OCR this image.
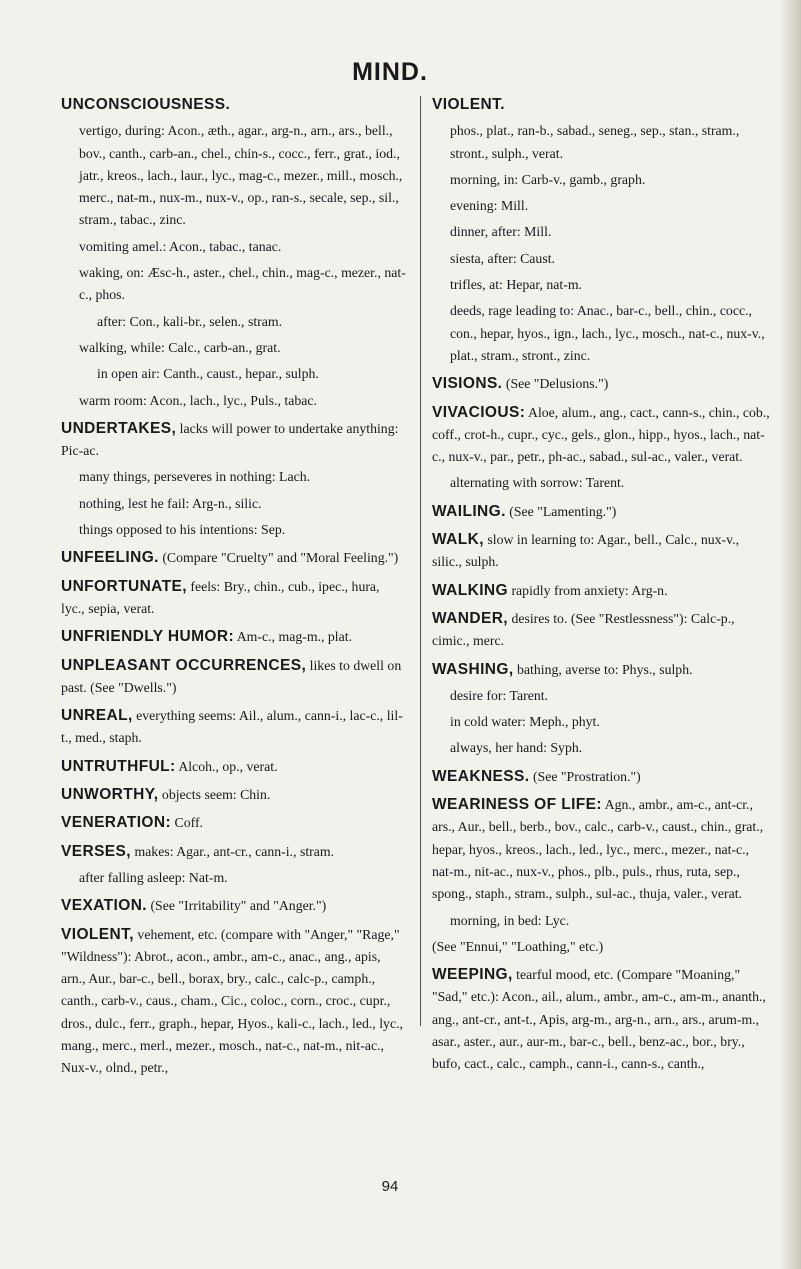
MIND.
UNCONSCIOUSNESS.
vertigo, during: Acon., æth., agar., arg-n., arn., ars., bell., bov., canth., carb-an., chel., chin-s., cocc., ferr., grat., iod., jatr., kreos., lach., laur., lyc., mag-c., mezer., mill., mosch., merc., nat-m., nux-m., nux-v., op., ran-s., secale, sep., sil., stram., tabac., zinc.
vomiting amel.: Acon., tabac., tanac.
waking, on: Æsc-h., aster., chel., chin., mag-c., mezer., nat-c., phos.
after: Con., kali-br., selen., stram.
walking, while: Calc., carb-an., grat.
in open air: Canth., caust., hepar., sulph.
warm room: Acon., lach., lyc., Puls., tabac.
UNDERTAKES, lacks will power to undertake anything: Pic-ac.
many things, perseveres in nothing: Lach.
nothing, lest he fail: Arg-n., silic.
things opposed to his intentions: Sep.
UNFEELING. (Compare "Cruelty" and "Moral Feeling.")
UNFORTUNATE, feels: Bry., chin., cub., ipec., hura, lyc., sepia, verat.
UNFRIENDLY HUMOR: Am-c., mag-m., plat.
UNPLEASANT OCCURRENCES, likes to dwell on past. (See "Dwells.")
UNREAL, everything seems: Ail., alum., cann-i., lac-c., lil-t., med., staph.
UNTRUTHFUL: Alcoh., op., verat.
UNWORTHY, objects seem: Chin.
VENERATION: Coff.
VERSES, makes: Agar., ant-cr., cann-i., stram.
after falling asleep: Nat-m.
VEXATION. (See "Irritability" and "Anger.")
VIOLENT, vehement, etc. (compare with "Anger," "Rage," "Wildness"): Abrot., acon., ambr., am-c., anac., ang., apis, arn., Aur., bar-c., bell., borax, bry., calc., calc-p., camph., canth., carb-v., caus., cham., Cic., coloc., corn., croc., cupr., dros., dulc., ferr., graph., hepar, Hyos., kali-c., lach., led., lyc., mang., merc., merl., mezer., mosch., nat-c., nat-m., nit-ac., Nux-v., olnd., petr.,
VIOLENT.
phos., plat., ran-b., sabad., seneg., sep., stan., stram., stront., sulph., verat.
morning, in: Carb-v., gamb., graph.
evening: Mill.
dinner, after: Mill.
siesta, after: Caust.
trifles, at: Hepar, nat-m.
deeds, rage leading to: Anac., bar-c., bell., chin., cocc., con., hepar, hyos., ign., lach., lyc., mosch., nat-c., nux-v., plat., stram., stront., zinc.
VISIONS. (See "Delusions.")
VIVACIOUS: Aloe, alum., ang., cact., cann-s., chin., cob., coff., crot-h., cupr., cyc., gels., glon., hipp., hyos., lach., nat-c., nux-v., par., petr., ph-ac., sabad., sul-ac., valer., verat.
alternating with sorrow: Tarent.
WAILING. (See "Lamenting.")
WALK, slow in learning to: Agar., bell., Calc., nux-v., silic., sulph.
WALKING rapidly from anxiety: Arg-n.
WANDER, desires to. (See "Restlessness"): Calc-p., cimic., merc.
WASHING, bathing, averse to: Phys., sulph.
desire for: Tarent.
in cold water: Meph., phyt.
always, her hand: Syph.
WEAKNESS. (See "Prostration.")
WEARINESS OF LIFE: Agn., ambr., am-c., ant-cr., ars., Aur., bell., berb., bov., calc., carb-v., caust., chin., grat., hepar, hyos., kreos., lach., led., lyc., merc., mezer., nat-c., nat-m., nit-ac., nux-v., phos., plb., puls., rhus, ruta, sep., spong., staph., stram., sulph., sul-ac., thuja, valer., verat.
morning, in bed: Lyc.
(See "Ennui," "Loathing," etc.)
WEEPING, tearful mood, etc. (Compare "Moaning," "Sad," etc.): Acon., ail., alum., ambr., am-c., am-m., ananth., ang., ant-cr., ant-t., Apis, arg-m., arg-n., arn., ars., arum-m., asar., aster., aur., aur-m., bar-c., bell., benz-ac., bor., bry., bufo, cact., calc., camph., cann-i., cann-s., canth.,
94
